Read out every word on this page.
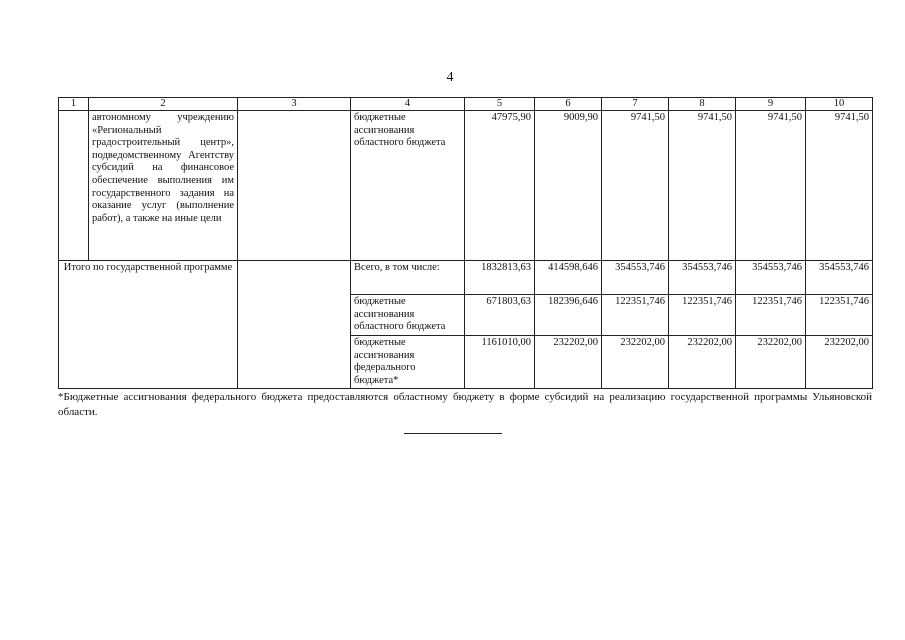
4
1	2	3	4	5	6	7	8	9	10
	автономному учреждению «Региональный градостроительный центр», подведомственному Агентству субсидий на финансовое обеспечение выполнения им государственного задания на оказание услуг (выполнение работ), а также на иные цели		бюджетные ассигнования областного бюджета	47975,90	9009,90	9741,50	9741,50	9741,50	9741,50
Итого по государственной программе			Всего, в том числе:	1832813,63	414598,646	354553,746	354553,746	354553,746	354553,746
			бюджетные ассигнования областного бюджета	671803,63	182396,646	122351,746	122351,746	122351,746	122351,746
			бюджетные ассигнования федерального бюджета*	1161010,00	232202,00	232202,00	232202,00	232202,00	232202,00
*Бюджетные ассигнования федерального бюджета предоставляются областному бюджету в форме субсидий на реализацию государственной программы Ульяновской области.
